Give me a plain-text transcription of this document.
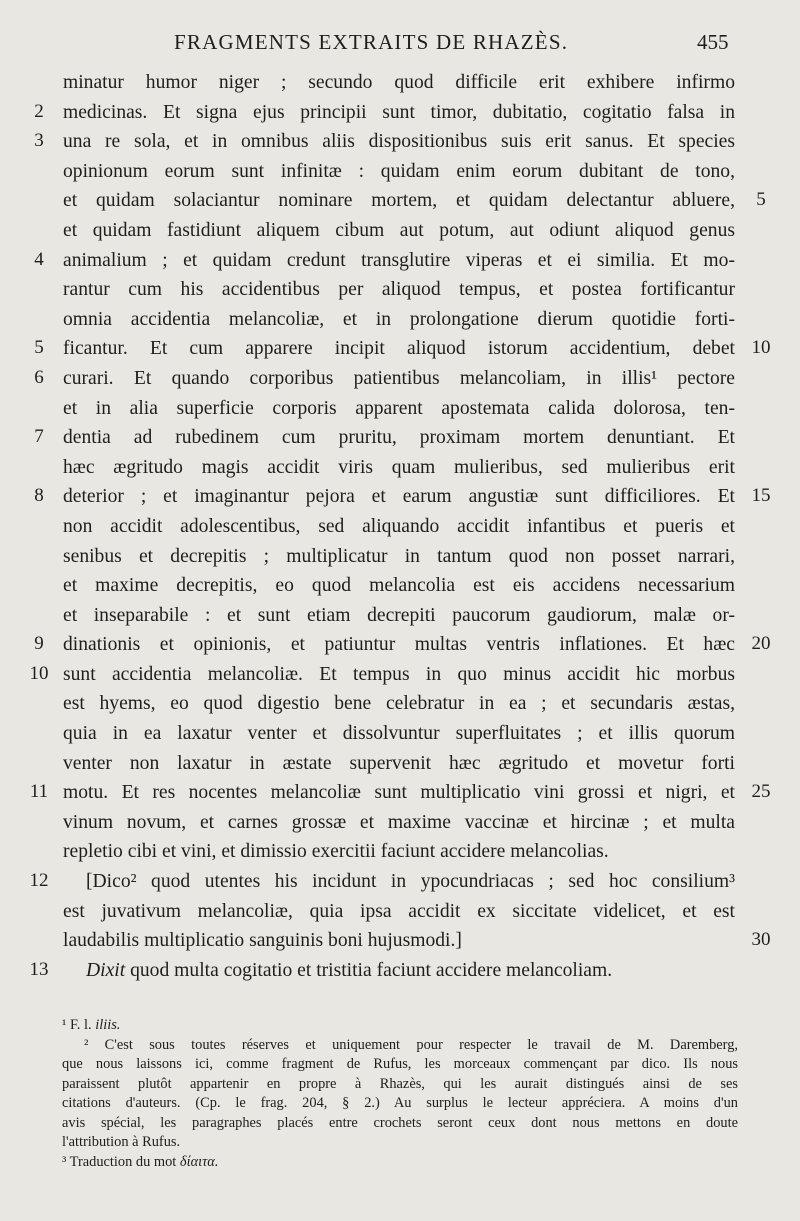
FRAGMENTS EXTRAITS DE RHAZÈS.	455
minatur humor niger ; secundo quod difficile erit exhibere infirmo
2 medicinas. Et signa ejus principii sunt timor, dubitatio, cogitatio falsa in
3 una re sola, et in omnibus aliis dispositionibus suis erit sanus. Et species
opinionum eorum sunt infinitæ : quidam enim eorum dubitant de tono,
et quidam solaciantur nominare mortem, et quidam delectantur abluere,	5
et quidam fastidiunt aliquem cibum aut potum, aut odiunt aliquod genus
4 animalium ; et quidam credunt transglutire viperas et ei similia. Et mo-
rantur cum his accidentibus per aliquod tempus, et postea fortificantur
omnia accidentia melancoliæ, et in prolongatione dierum quotidie forti-
5 ficantur. Et cum apparere incipit aliquod istorum accidentium, debet 10
6 curari. Et quando corporibus patientibus melancoliam, in illis¹ pectore
et in alia superficie corporis apparent apostemata calida dolorosa, ten-
7 dentia ad rubedinem cum pruritu, proximam mortem denuntiant. Et
hæc ægritudo magis accidit viris quam mulieribus, sed mulieribus erit
8 deterior ; et imaginantur pejora et earum angustiæ sunt difficiliores. Et 15
non accidit adolescentibus, sed aliquando accidit infantibus et pueris et
senibus et decrepitis ; multiplicatur in tantum quod non posset narrari,
et maxime decrepitis, eo quod melancolia est eis accidens necessarium
et inseparabile : et sunt etiam decrepiti paucorum gaudiorum, malæ or-
9 dinationis et opinionis, et patiuntur multas ventris inflationes. Et hæc 20
10 sunt accidentia melancoliæ. Et tempus in quo minus accidit hic morbus
est hyems, eo quod digestio bene celebratur in ea ; et secundaris æstas,
quia in ea laxatur venter et dissolvuntur superfluitates ; et illis quorum
venter non laxatur in æstate supervenit hæc ægritudo et movetur forti
11 motu. Et res nocentes melancoliæ sunt multiplicatio vini grossi et nigri, et 25
vinum novum, et carnes grossæ et maxime vaccinæ et hircinæ ; et multa
repletio cibi et vini, et dimissio exercitii faciunt accidere melancolias.
12 [Dico² quod utentes his incidunt in ypocundriacas ; sed hoc consilium³
est juvativum melancoliæ, quia ipsa accidit ex siccitate videlicet, et est
laudabilis multiplicatio sanguinis boni hujusmodi.]	30
13 Dixit quod multa cogitatio et tristitia faciunt accidere melancoliam.

¹ F. l. iliis.

² C'est sous toutes réserves et uniquement pour respecter le travail de M. Daremberg,
que nous laissons ici, comme fragment de Rufus, les morceaux commençant par dico. Ils nous
paraissent plutôt appartenir en propre à Rhazès, qui les aurait distingués ainsi de ses
citations d'auteurs. (Cp. le frag. 204, § 2.) Au surplus le lecteur appréciera. A moins d'un
avis spécial, les paragraphes placés entre crochets seront ceux dont nous mettons en doute
l'attribution à Rufus.

³ Traduction du mot δίαιτα.
